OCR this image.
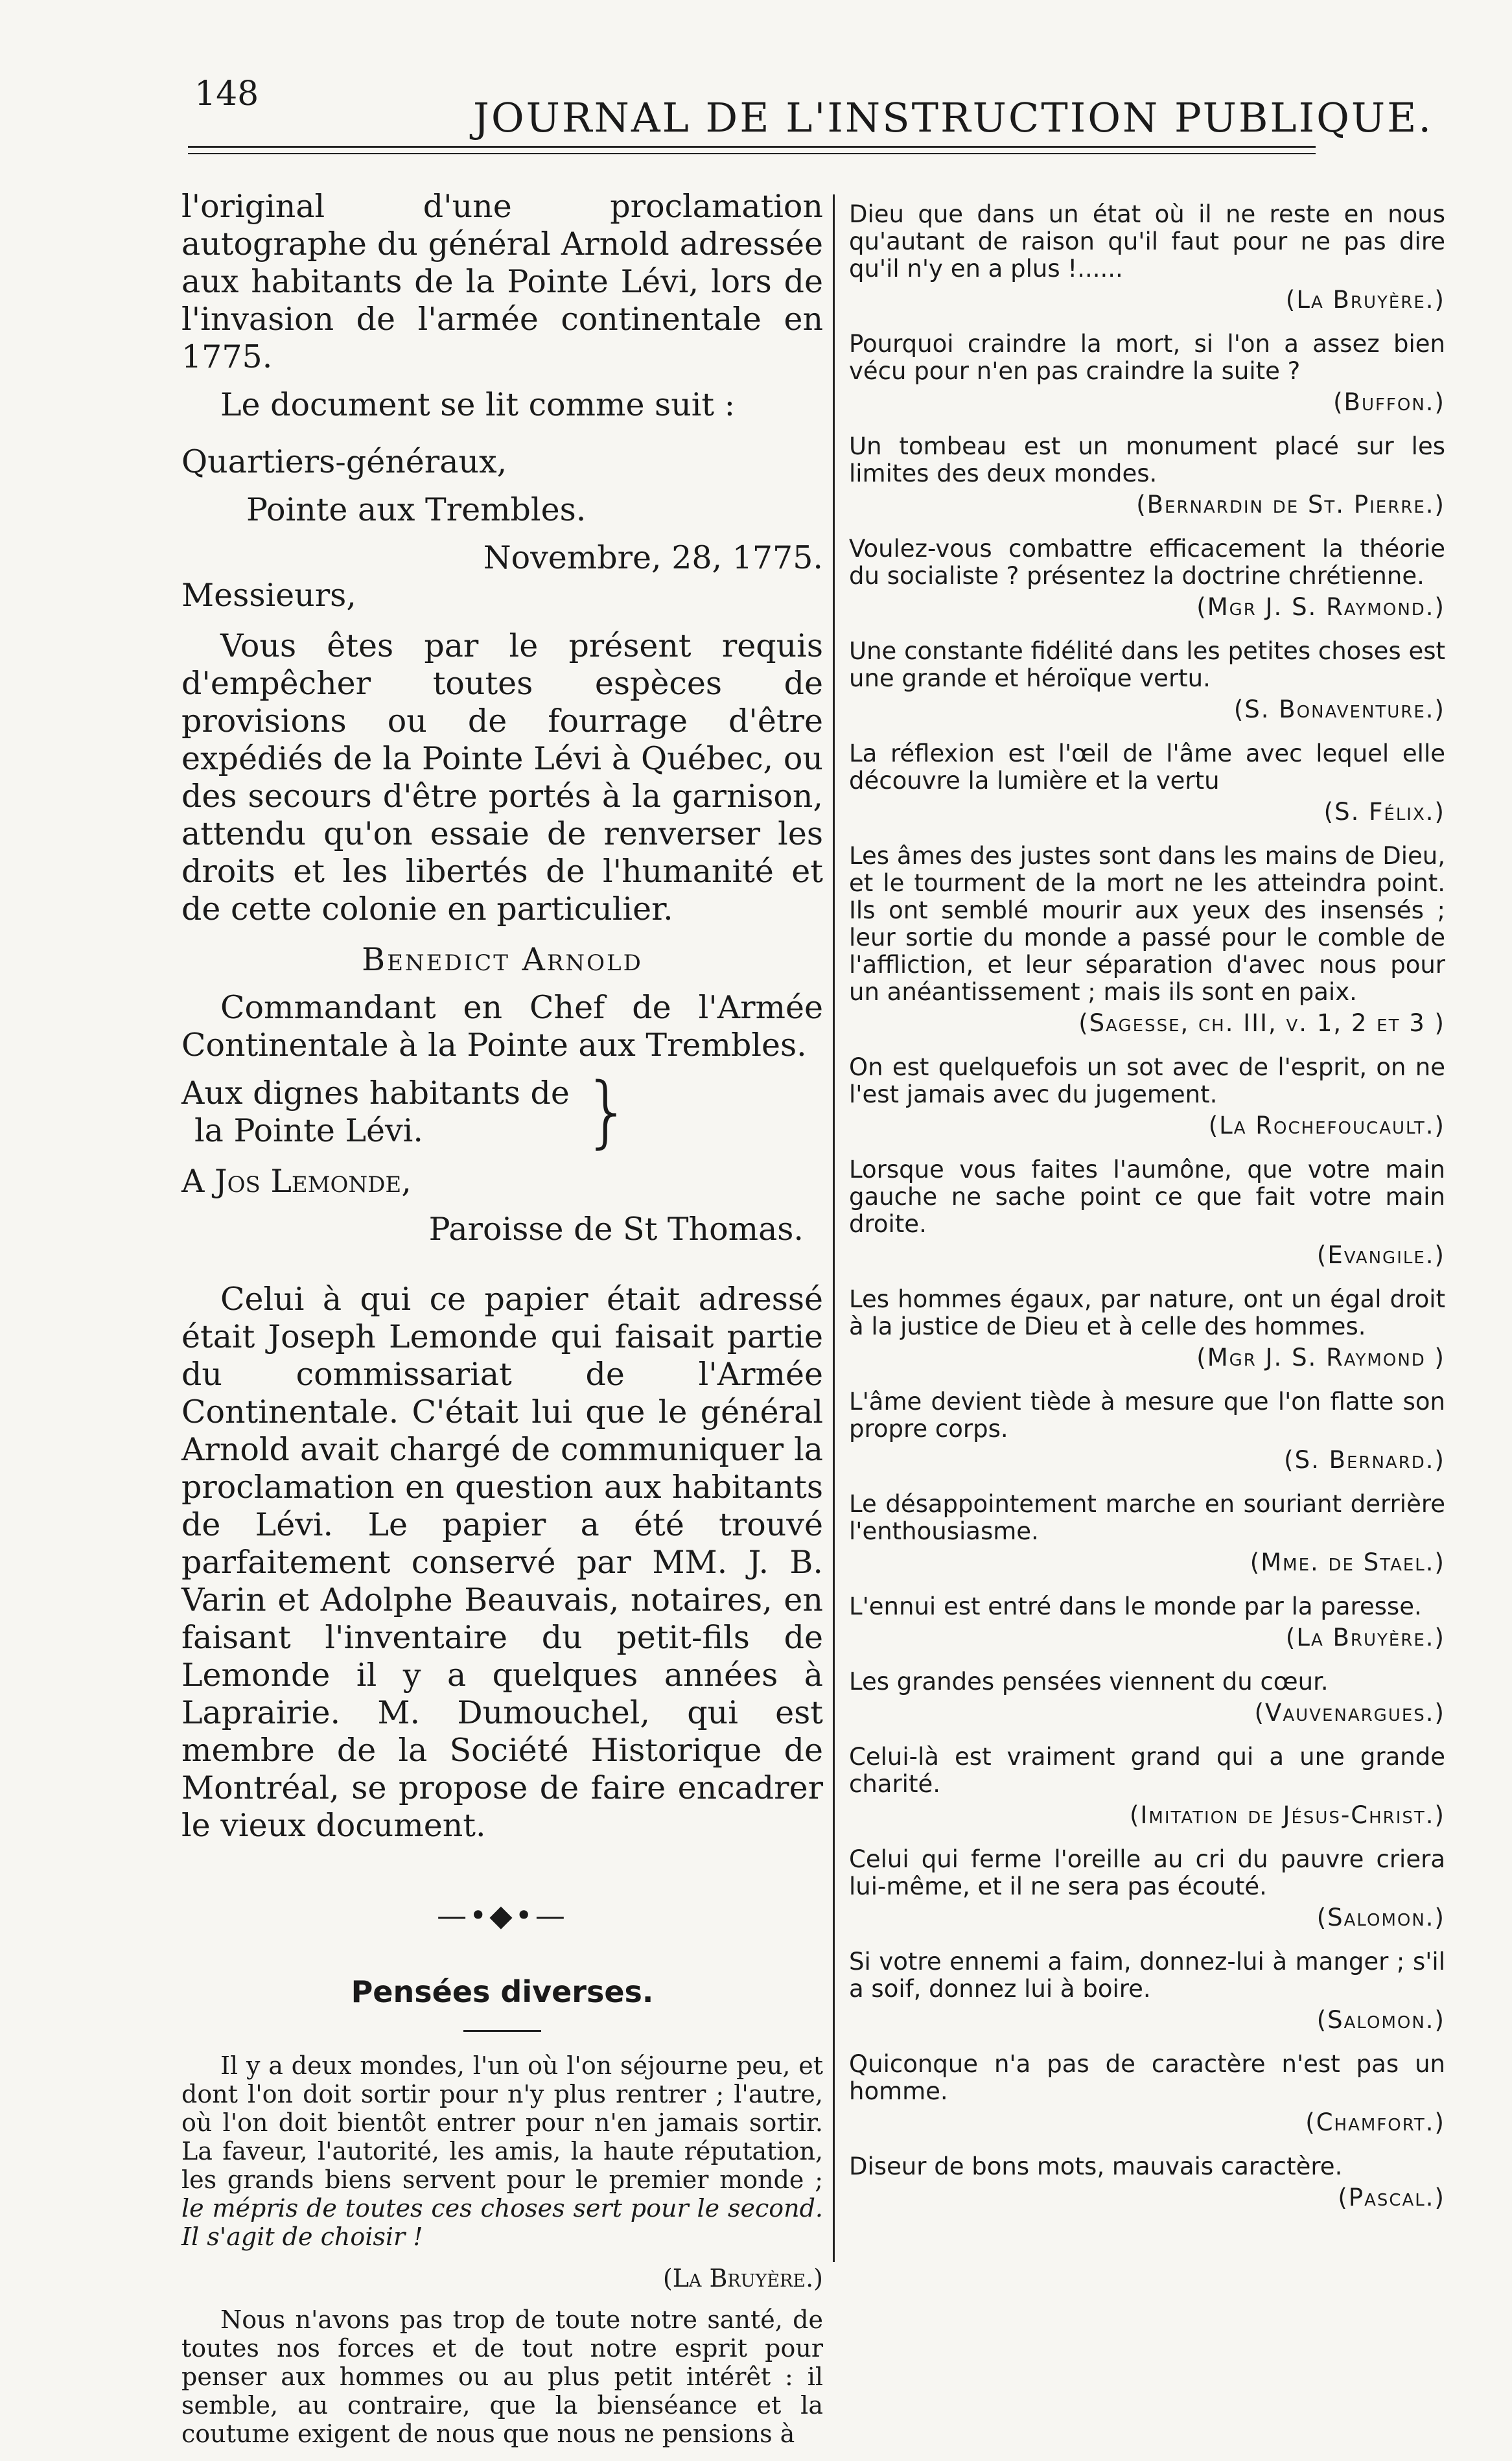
148	JOURNAL DE L'INSTRUCTION PUBLIQUE.

l'original d'une proclamation autographe du général Arnold adressée aux habitants de la Pointe Lévi, lors de l'invasion de l'armée continentale en 1775.

Le document se lit comme suit :

Quartiers-généraux,

Pointe aux Trembles.

Novembre, 28, 1775.

Messieurs,

Vous êtes par le présent requis d'empêcher toutes espèces de provisions ou de fourrage d'être expédiés de la Pointe Lévi à Québec, ou des secours d'être portés à la garnison, attendu qu'on essaie de renverser les droits et les libertés de l'humanité et de cette colonie en particulier.

Benedict Arnold

Commandant en Chef de l'Armée Continentale à la Pointe aux Trembles.

Aux dignes habitants de
la Pointe Lévi.	}

A Jos Lemonde,

Paroisse de St Thomas.

Celui à qui ce papier était adressé était Joseph Lemonde qui faisait partie du commissariat de l'Armée Continentale. C'était lui que le général Arnold avait chargé de communiquer la proclamation en question aux habitants de Lévi. Le papier a été trouvé parfaitement conservé par MM. J. B. Varin et Adolphe Beauvais, notaires, en faisant l'inventaire du petit-fils de Lemonde il y a quelques années à Laprairie. M. Dumouchel, qui est membre de la Société Historique de Montréal, se propose de faire encadrer le vieux document.

—•◆•—
Pensées diverses.

Il y a deux mondes, l'un où l'on séjourne peu, et dont l'on doit sortir pour n'y plus rentrer ; l'autre, où l'on doit bientôt entrer pour n'en jamais sortir. La faveur, l'autorité, les amis, la haute réputation, les grands biens servent pour le premier monde ; le mépris de toutes ces choses sert pour le second. Il s'agit de choisir !

(La Bruyère.)

Nous n'avons pas trop de toute notre santé, de toutes nos forces et de tout notre esprit pour penser aux hommes ou au plus petit intérêt : il semble, au contraire, que la bienséance et la coutume exigent de nous que nous ne pensions à

Dieu que dans un état où il ne reste en nous qu'autant de raison qu'il faut pour ne pas dire qu'il n'y en a plus !......

(La Bruyère.)

Pourquoi craindre la mort, si l'on a assez bien vécu pour n'en pas craindre la suite ?

(Buffon.)

Un tombeau est un monument placé sur les limites des deux mondes.

(Bernardin de St. Pierre.)

Voulez-vous combattre efficacement la théorie du socialiste ? présentez la doctrine chrétienne.

(Mgr J. S. Raymond.)

Une constante fidélité dans les petites choses est une grande et héroïque vertu.

(S. Bonaventure.)

La réflexion est l'œil de l'âme avec lequel elle découvre la lumière et la vertu

(S. Félix.)

Les âmes des justes sont dans les mains de Dieu, et le tourment de la mort ne les atteindra point. Ils ont semblé mourir aux yeux des insensés ; leur sortie du monde a passé pour le comble de l'affliction, et leur séparation d'avec nous pour un anéantissement ; mais ils sont en paix.

(Sagesse, ch. III, v. 1, 2 et 3 )

On est quelquefois un sot avec de l'esprit, on ne l'est jamais avec du jugement.

(La Rochefoucault.)

Lorsque vous faites l'aumône, que votre main gauche ne sache point ce que fait votre main droite.

(Evangile.)

Les hommes égaux, par nature, ont un égal droit à la justice de Dieu et à celle des hommes.

(Mgr J. S. Raymond )

L'âme devient tiède à mesure que l'on flatte son propre corps.

(S. Bernard.)

Le désappointement marche en souriant derrière l'enthousiasme.

(Mme. de Stael.)

L'ennui est entré dans le monde par la paresse.

(La Bruyère.)

Les grandes pensées viennent du cœur.

(Vauvenargues.)

Celui-là est vraiment grand qui a une grande charité.

(Imitation de Jésus-Christ.)

Celui qui ferme l'oreille au cri du pauvre criera lui-même, et il ne sera pas écouté.

(Salomon.)

Si votre ennemi a faim, donnez-lui à manger ; s'il a soif, donnez lui à boire.

(Salomon.)

Quiconque n'a pas de caractère n'est pas un homme.

(Chamfort.)

Diseur de bons mots, mauvais caractère.

(Pascal.)
